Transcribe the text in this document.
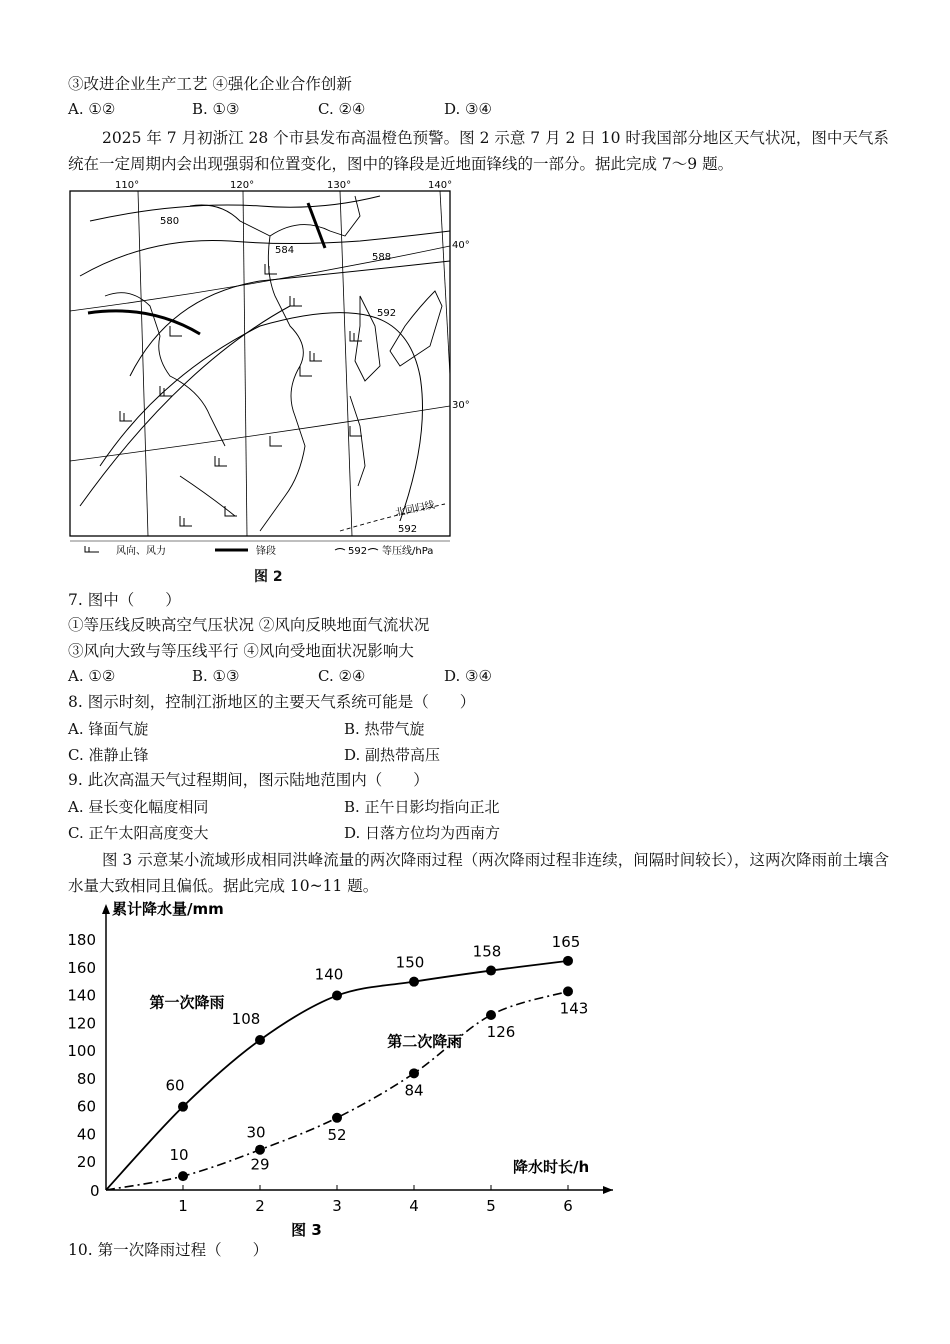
③改进企业生产工艺 ④强化企业合作创新
A. ①②	B. ①③	C. ②④	D. ③④
2025 年 7 月初浙江 28 个市县发布高温橙色预警。图 2 示意 7 月 2 日 10 时我国部分地区天气状况，图中天气系统在一定周期内会出现强弱和位置变化，图中的锋段是近地面锋线的一部分。据此完成 7～9 题。
110°	120°	130°	140°
40°
30°
580
584
588
592
592
北回归线
风向、风力	锋段	592 等压线/hPa
图 2
7. 图中（　　）
①等压线反映高空气压状况 ②风向反映地面气流状况
③风向大致与等压线平行 ④风向受地面状况影响大
A. ①②	B. ①③	C. ②④	D. ③④
8. 图示时刻，控制江浙地区的主要天气系统可能是（　　）
A. 锋面气旋	B. 热带气旋
C. 准静止锋	D. 副热带高压
9. 此次高温天气过程期间，图示陆地范围内（　　）
A. 昼长变化幅度相同	B. 正午日影均指向正北
C. 正午太阳高度变大	D. 日落方位均为西南方
图 3 示意某小流域形成相同洪峰流量的两次降雨过程（两次降雨过程非连续，间隔时间较长），这两次降雨前土壤含水量大致相同且偏低。据此完成 10~11 题。
累计降水量/mm
降水时长/h
0
20
40
60
80
100
120
140
160
180
1	2	3	4	5	6
60
108
140
150
158
165
10
29
52
84
126
143
30
第一次降雨
第二次降雨
图 3
10. 第一次降雨过程（　　）
